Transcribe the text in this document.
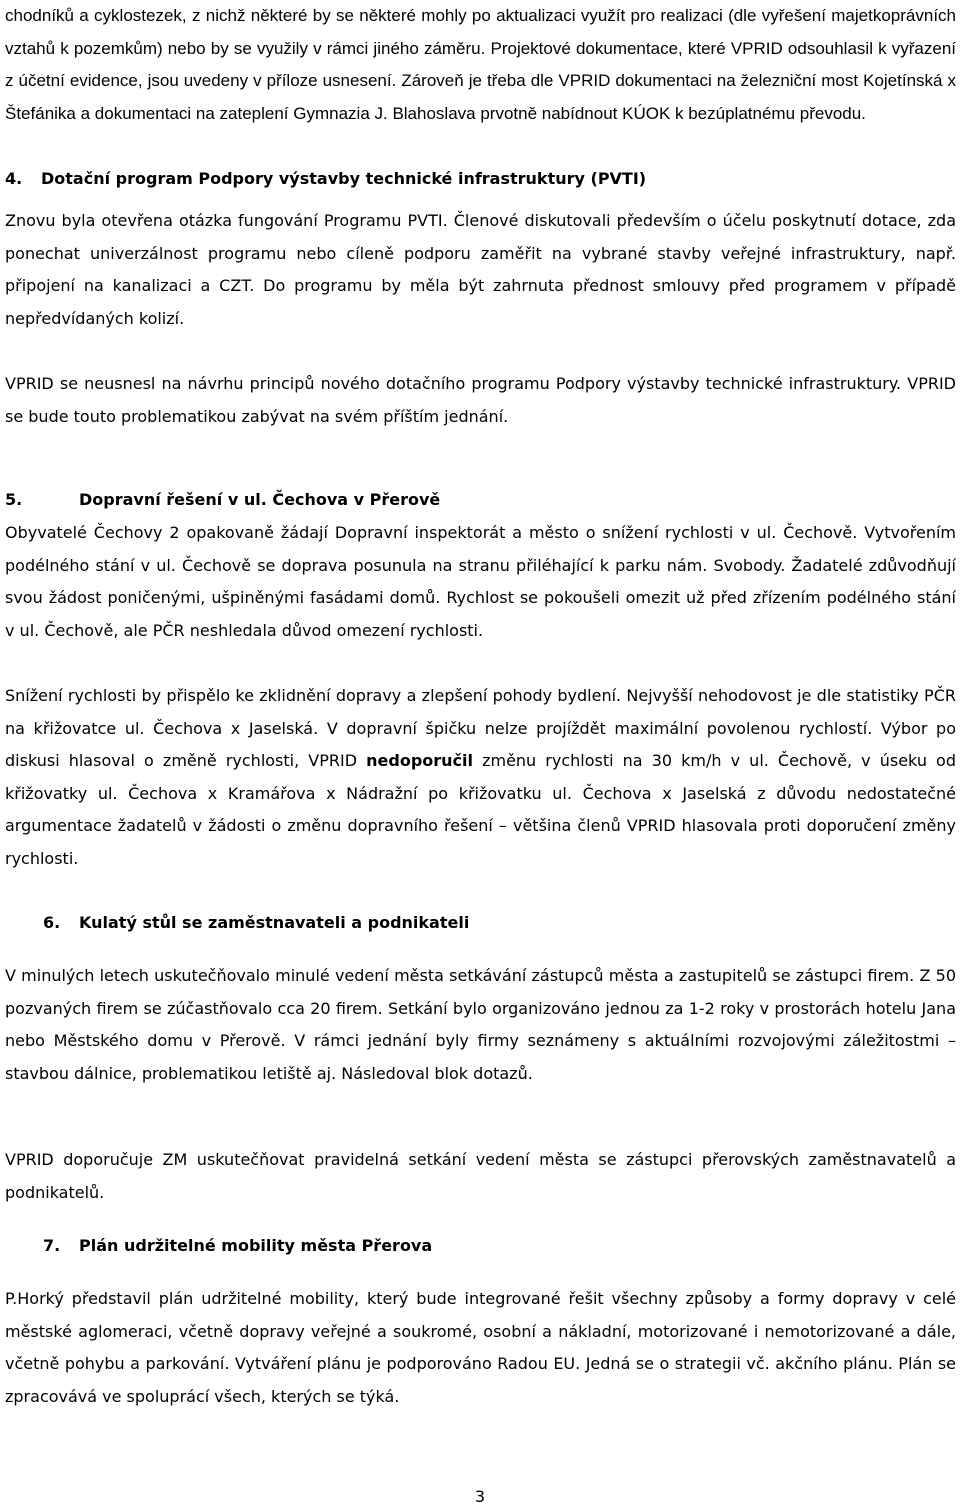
chodníků a cyklostezek, z nichž některé by se některé mohly po aktualizaci využít pro realizaci (dle vyřešení majetkoprávních vztahů k pozemkům) nebo by se využily v rámci jiného záměru. Projektové dokumentace, které VPRID odsouhlasil k vyřazení z účetní evidence, jsou uvedeny v příloze usnesení. Zároveň je třeba dle VPRID dokumentaci na železniční most Kojetínská x Štefánika a dokumentaci na zateplení Gymnazia J. Blahoslava prvotně nabídnout KÚOK k bezúplatnému převodu.

4. Dotační program Podpory výstavby technické infrastruktury (PVTI)

Znovu byla otevřena otázka fungování Programu PVTI. Členové diskutovali především o účelu poskytnutí dotace, zda ponechat univerzálnost programu nebo cíleně podporu zaměřit na vybrané stavby veřejné infrastruktury, např. připojení na kanalizaci a CZT. Do programu by měla být zahrnuta přednost smlouvy před programem v případě nepředvídaných kolizí.

VPRID se neusnesl na návrhu principů nového dotačního programu Podpory výstavby technické infrastruktury. VPRID se bude touto problematikou zabývat na svém příštím jednání.

5.	Dopravní řešení v ul. Čechova v Přerově

Obyvatelé Čechovy 2 opakovaně žádají Dopravní inspektorát a město o snížení rychlosti v ul. Čechově. Vytvořením podélného stání v ul. Čechově se doprava posunula na stranu přiléhající k parku nám. Svobody. Žadatelé zdůvodňují svou žádost poničenými, ušpiněnými fasádami domů. Rychlost se pokoušeli omezit už před zřízením podélného stání v ul. Čechově, ale PČR neshledala důvod omezení rychlosti.

Snížení rychlosti by přispělo ke zklidnění dopravy a zlepšení pohody bydlení. Nejvyšší nehodovost je dle statistiky PČR na křižovatce ul. Čechova x Jaselská. V dopravní špičku nelze projíždět maximální povolenou rychlostí. Výbor po diskusi hlasoval o změně rychlosti, VPRID nedoporučil změnu rychlosti na 30 km/h v ul. Čechově, v úseku od křižovatky ul. Čechova x Kramářova x Nádražní po křižovatku ul. Čechova x Jaselská z důvodu nedostatečné argumentace žadatelů v žádosti o změnu dopravního řešení – většina členů VPRID hlasovala proti doporučení změny rychlosti.

6. Kulatý stůl se zaměstnavateli a podnikateli

V minulých letech uskutečňovalo minulé vedení města setkávání zástupců města a zastupitelů se zástupci firem. Z 50 pozvaných firem se zúčastňovalo cca 20 firem. Setkání bylo organizováno jednou za 1-2 roky v prostorách hotelu Jana nebo Městského domu v Přerově. V rámci jednání byly firmy seznámeny s aktuálními rozvojovými záležitostmi – stavbou dálnice, problematikou letiště aj. Následoval blok dotazů.

VPRID doporučuje ZM uskutečňovat pravidelná setkání vedení města se zástupci přerovských zaměstnavatelů a podnikatelů.

7. Plán udržitelné mobility města Přerova

P.Horký představil plán udržitelné mobility, který bude integrované řešit všechny způsoby a formy dopravy v celé městské aglomeraci, včetně dopravy veřejné a soukromé, osobní a nákladní, motorizované i nemotorizované a dále, včetně pohybu a parkování. Vytváření plánu je podporováno Radou EU. Jedná se o strategii vč. akčního plánu. Plán se zpracovává ve spoluprácí všech, kterých se týká.

3
